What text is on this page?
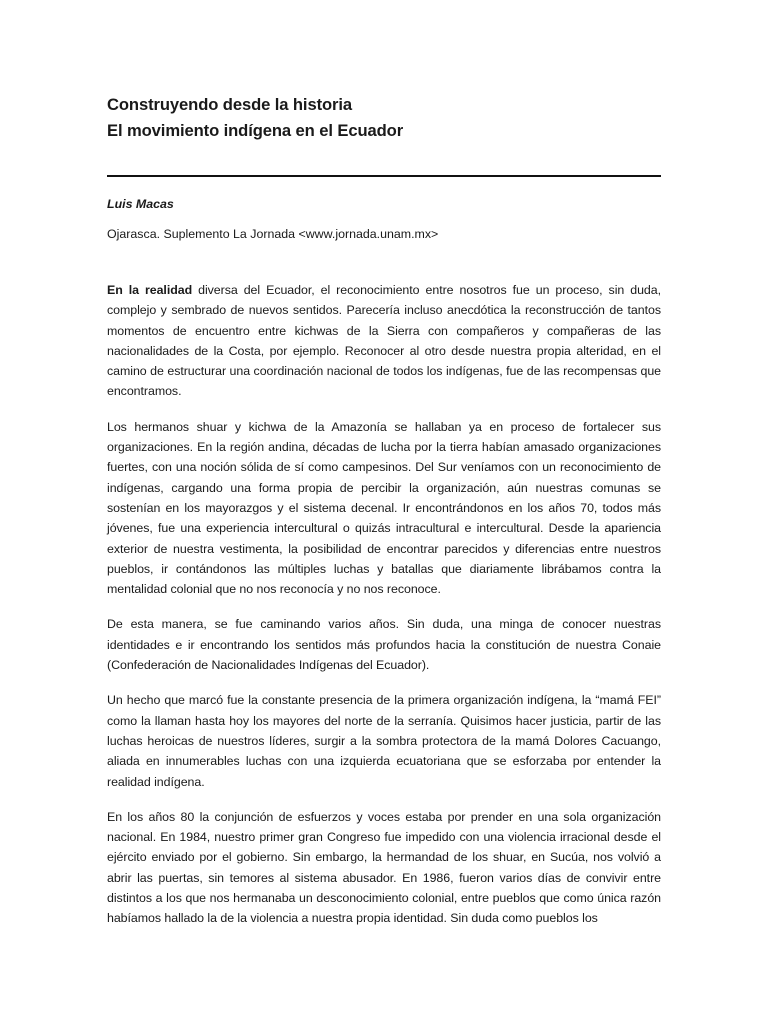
Construyendo desde la historia
El movimiento indígena en el Ecuador
Luis Macas
Ojarasca. Suplemento La Jornada <www.jornada.unam.mx>

En la realidad diversa del Ecuador, el reconocimiento entre nosotros fue un proceso, sin duda, complejo y sembrado de nuevos sentidos. Parecería incluso anecdótica la reconstrucción de tantos momentos de encuentro entre kichwas de la Sierra con compañeros y compañeras de las nacionalidades de la Costa, por ejemplo. Reconocer al otro desde nuestra propia alteridad, en el camino de estructurar una coordinación nacional de todos los indígenas, fue de las recompensas que encontramos.

Los hermanos shuar y kichwa de la Amazonía se hallaban ya en proceso de fortalecer sus organizaciones. En la región andina, décadas de lucha por la tierra habían amasado organizaciones fuertes, con una noción sólida de sí como campesinos. Del Sur veníamos con un reconocimiento de indígenas, cargando una forma propia de percibir la organización, aún nuestras comunas se sostenían en los mayorazgos y el sistema decenal. Ir encontrándonos en los años 70, todos más jóvenes, fue una experiencia intercultural o quizás intracultural e intercultural. Desde la apariencia exterior de nuestra vestimenta, la posibilidad de encontrar parecidos y diferencias entre nuestros pueblos, ir contándonos las múltiples luchas y batallas que diariamente librábamos contra la mentalidad colonial que no nos reconocía y no nos reconoce.

De esta manera, se fue caminando varios años. Sin duda, una minga de conocer nuestras identidades e ir encontrando los sentidos más profundos hacia la constitución de nuestra Conaie (Confederación de Nacionalidades Indígenas del Ecuador).

Un hecho que marcó fue la constante presencia de la primera organización indígena, la “mamá FEI” como la llaman hasta hoy los mayores del norte de la serranía. Quisimos hacer justicia, partir de las luchas heroicas de nuestros líderes, surgir a la sombra protectora de la mamá Dolores Cacuango, aliada en innumerables luchas con una izquierda ecuatoriana que se esforzaba por entender la realidad indígena.

En los años 80 la conjunción de esfuerzos y voces estaba por prender en una sola organización nacional. En 1984, nuestro primer gran Congreso fue impedido con una violencia irracional desde el ejército enviado por el gobierno. Sin embargo, la hermandad de los shuar, en Sucúa, nos volvió a abrir las puertas, sin temores al sistema abusador. En 1986, fueron varios días de convivir entre distintos a los que nos hermanaba un desconocimiento colonial, entre pueblos que como única razón habíamos hallado la de la violencia a nuestra propia identidad. Sin duda como pueblos los
